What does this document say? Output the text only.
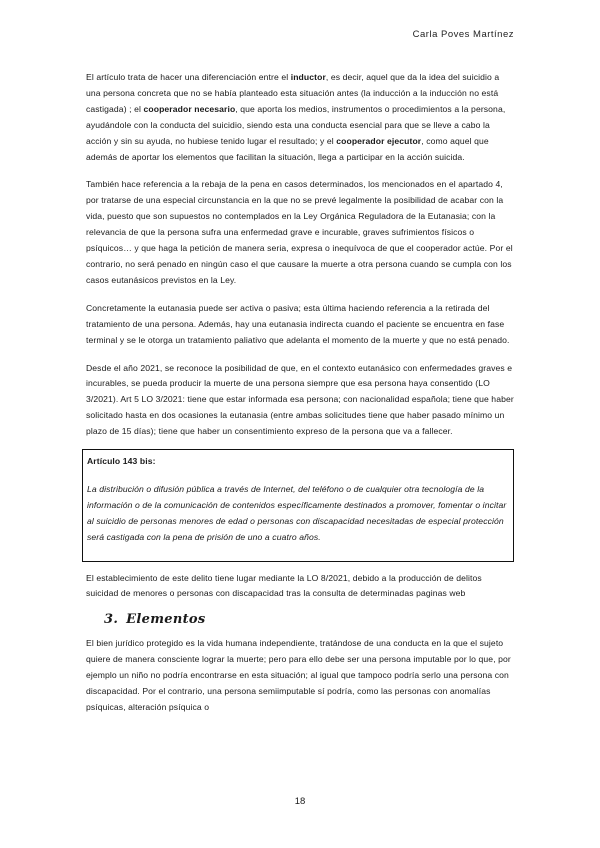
Carla Poves Martínez

El artículo trata de hacer una diferenciación entre el inductor, es decir, aquel que da la idea del suicidio a una persona concreta que no se había planteado esta situación antes (la inducción a la inducción no está castigada) ; el cooperador necesario, que aporta los medios, instrumentos o procedimientos a la persona, ayudándole con la conducta del suicidio, siendo esta una conducta esencial para que se lleve a cabo la acción y sin su ayuda, no hubiese tenido lugar el resultado; y el cooperador ejecutor, como aquel que además de aportar los elementos que facilitan la situación, llega a participar en la acción suicida.

También hace referencia a la rebaja de la pena en casos determinados, los mencionados en el apartado 4, por tratarse de una especial circunstancia en la que no se prevé legalmente la posibilidad de acabar con la vida, puesto que son supuestos no contemplados en la Ley Orgánica Reguladora de la Eutanasia; con la relevancia de que la persona sufra una enfermedad grave e incurable, graves sufrimientos físicos o psíquicos… y que haga la petición de manera seria, expresa o inequívoca de que el cooperador actúe. Por el contrario, no será penado en ningún caso el que causare la muerte a otra persona cuando se cumpla con los casos eutanásicos previstos en la Ley.

Concretamente la eutanasia puede ser activa o pasiva; esta última haciendo referencia a la retirada del tratamiento de una persona. Además, hay una eutanasia indirecta cuando el paciente se encuentra en fase terminal y se le otorga un tratamiento paliativo que adelanta el momento de la muerte y que no está penado.

Desde el año 2021, se reconoce la posibilidad de que, en el contexto eutanásico con enfermedades graves e incurables, se pueda producir la muerte de una persona siempre que esa persona haya consentido (LO 3/2021). Art 5 LO 3/2021: tiene que estar informada esa persona; con nacionalidad española; tiene que haber solicitado hasta en dos ocasiones la eutanasia (entre ambas solicitudes tiene que haber pasado mínimo un plazo de 15 días); tiene que haber un consentimiento expreso de la persona que va a fallecer.

Artículo 143 bis:

La distribución o difusión pública a través de Internet, del teléfono o de cualquier otra tecnología de la información o de la comunicación de contenidos específicamente destinados a promover, fomentar o incitar al suicidio de personas menores de edad o personas con discapacidad necesitadas de especial protección será castigada con la pena de prisión de uno a cuatro años.

El establecimiento de este delito tiene lugar mediante la LO 8/2021, debido a la producción de delitos suicidad de menores o personas con discapacidad tras la consulta de determinadas paginas web

3. Elementos

El bien jurídico protegido es la vida humana independiente, tratándose de una conducta en la que el sujeto quiere de manera consciente lograr la muerte; pero para ello debe ser una persona imputable por lo que, por ejemplo un niño no podría encontrarse en esta situación; al igual que tampoco podría serlo una persona con discapacidad. Por el contrario, una persona semiimputable sí podría, como las personas con anomalías psíquicas, alteración psíquica o

18
